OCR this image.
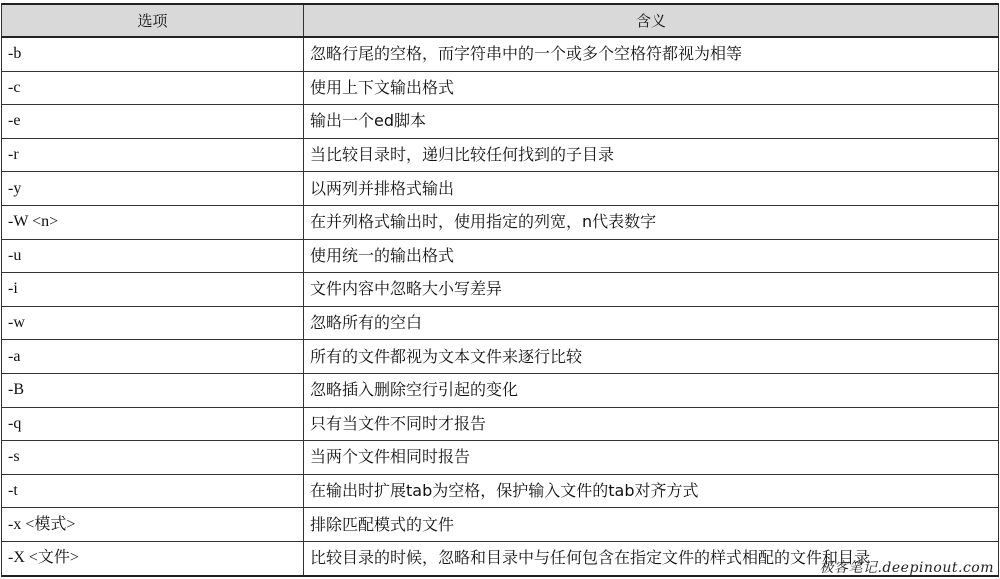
选项	含义
-b	忽略行尾的空格，而字符串中的一个或多个空格符都视为相等
-c	使用上下文输出格式
-e	输出一个ed脚本
-r	当比较目录时，递归比较任何找到的子目录
-y	以两列并排格式输出
-W <n>	在并列格式输出时，使用指定的列宽，n代表数字
-u	使用统一的输出格式
-i	文件内容中忽略大小写差异
-w	忽略所有的空白
-a	所有的文件都视为文本文件来逐行比较
-B	忽略插入删除空行引起的变化
-q	只有当文件不同时才报告
-s	当两个文件相同时报告
-t	在输出时扩展tab为空格，保护输入文件的tab对齐方式
-x <模式>	排除匹配模式的文件
-X <文件>	比较目录的时候，忽略和目录中与任何包含在指定文件的样式相配的文件和目录
极客笔记.deepinout.com
